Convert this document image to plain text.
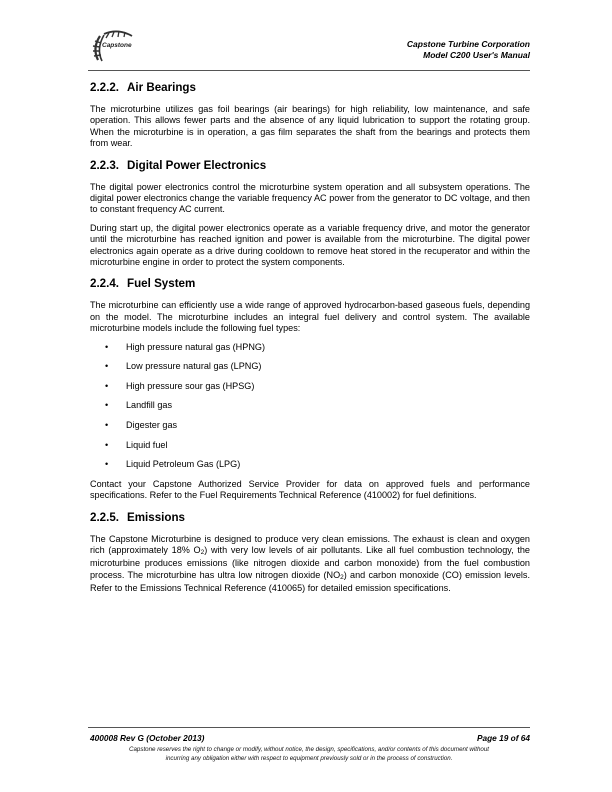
Capstone	Capstone Turbine Corporation
Model C200 User's Manual
2.2.2. Air Bearings

The microturbine utilizes gas foil bearings (air bearings) for high reliability, low maintenance, and safe operation. This allows fewer parts and the absence of any liquid lubrication to support the rotating group. When the microturbine is in operation, a gas film separates the shaft from the bearings and protects them from wear.

2.2.3. Digital Power Electronics

The digital power electronics control the microturbine system operation and all subsystem operations. The digital power electronics change the variable frequency AC power from the generator to DC voltage, and then to constant frequency AC current.

During start up, the digital power electronics operate as a variable frequency drive, and motor the generator until the microturbine has reached ignition and power is available from the microturbine. The digital power electronics again operate as a drive during cooldown to remove heat stored in the recuperator and within the microturbine engine in order to protect the system components.

2.2.4. Fuel System

The microturbine can efficiently use a wide range of approved hydrocarbon-based gaseous fuels, depending on the model. The microturbine includes an integral fuel delivery and control system. The available microturbine models include the following fuel types:

• High pressure natural gas (HPNG)
• Low pressure natural gas (LPNG)
• High pressure sour gas (HPSG)
• Landfill gas
• Digester gas
• Liquid fuel
• Liquid Petroleum Gas (LPG)

Contact your Capstone Authorized Service Provider for data on approved fuels and performance specifications. Refer to the Fuel Requirements Technical Reference (410002) for fuel definitions.

2.2.5. Emissions

The Capstone Microturbine is designed to produce very clean emissions. The exhaust is clean and oxygen rich (approximately 18% $O_2$) with very low levels of air pollutants. Like all fuel combustion technology, the microturbine produces emissions (like nitrogen dioxide and carbon monoxide) from the fuel combustion process. The microturbine has ultra low nitrogen dioxide $(NO_2)$ and carbon monoxide (CO) emission levels. Refer to the Emissions Technical Reference (410065) for detailed emission specifications.

400008 Rev G (October 2013)	Page 19 of 64
Capstone reserves the right to change or modify, without notice, the design, specifications, and/or contents of this document without
incurring any obligation either with respect to equipment previously sold or in the process of construction.
